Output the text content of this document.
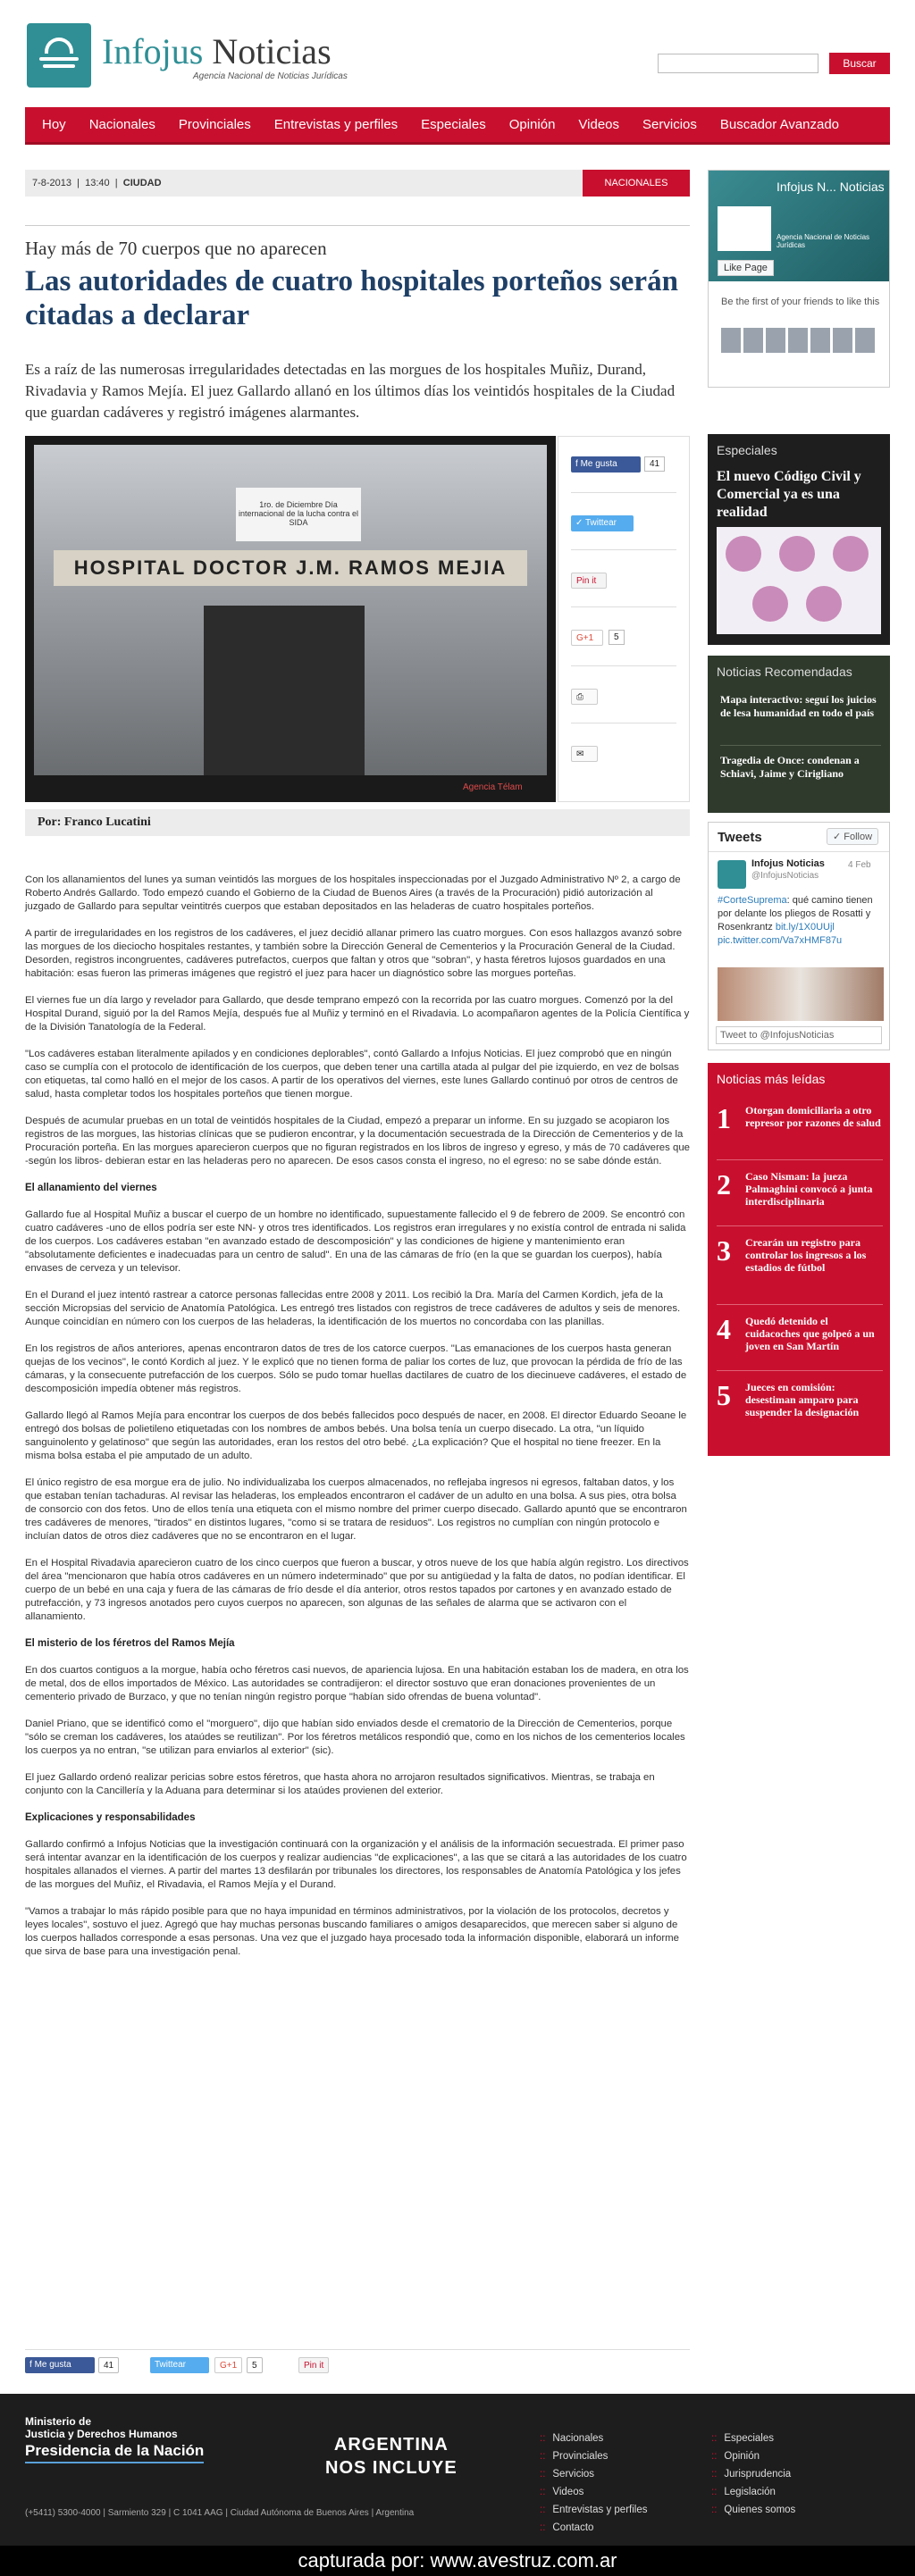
Infojus Noticias
Agencia Nacional de Noticias Jurídicas
Buscar
Hoy	Nacionales	Provinciales	Entrevistas y perfiles	Especiales	Opinión	Videos	Servicios	Buscador Avanzado
7-8-2013  |  13:40  |  CIUDAD	NACIONALES
Hay más de 70 cuerpos que no aparecen
Las autoridades de cuatro hospitales porteños serán citadas a declarar

Es a raíz de las numerosas irregularidades detectadas en las morgues de los hospitales Muñiz, Durand, Rivadavia y Ramos Mejía. El juez Gallardo allanó en los últimos días los veintidós hospitales de la Ciudad que guardan cadáveres y registró imágenes alarmantes.

1ro. de Diciembre Día internacional de la lucha contra el SIDA
HOSPITAL DOCTOR J.M. RAMOS MEJIA
Agencia Télam
f Me gusta	41
✓ Twittear
Pin it
G+1	5
⎙
✉
Por: Franco Lucatini

Con los allanamientos del lunes ya suman veintidós las morgues de los hospitales inspeccionadas por el Juzgado Administrativo Nº 2, a cargo de Roberto Andrés Gallardo. Todo empezó cuando el Gobierno de la Ciudad de Buenos Aires (a través de la Procuración) pidió autorización al juzgado de Gallardo para sepultar veintitrés cuerpos que estaban depositados en las heladeras de cuatro hospitales porteños.

A partir de irregularidades en los registros de los cadáveres, el juez decidió allanar primero las cuatro morgues. Con esos hallazgos avanzó sobre las morgues de los dieciocho hospitales restantes, y también sobre la Dirección General de Cementerios y la Procuración General de la Ciudad. Desorden, registros incongruentes, cadáveres putrefactos, cuerpos que faltan y otros que "sobran", y hasta féretros lujosos guardados en una habitación: esas fueron las primeras imágenes que registró el juez para hacer un diagnóstico sobre las morgues porteñas.

El viernes fue un día largo y revelador para Gallardo, que desde temprano empezó con la recorrida por las cuatro morgues. Comenzó por la del Hospital Durand, siguió por la del Ramos Mejía, después fue al Muñiz y terminó en el Rivadavia. Lo acompañaron agentes de la Policía Científica y de la División Tanatología de la Federal.

"Los cadáveres estaban literalmente apilados y en condiciones deplorables", contó Gallardo a Infojus Noticias. El juez comprobó que en ningún caso se cumplía con el protocolo de identificación de los cuerpos, que deben tener una cartilla atada al pulgar del pie izquierdo, en vez de bolsas con etiquetas, tal como halló en el mejor de los casos. A partir de los operativos del viernes, este lunes Gallardo continuó por otros de centros de salud, hasta completar todos los hospitales porteños que tienen morgue.

Después de acumular pruebas en un total de veintidós hospitales de la Ciudad, empezó a preparar un informe. En su juzgado se acopiaron los registros de las morgues, las historias clínicas que se pudieron encontrar, y la documentación secuestrada de la Dirección de Cementerios y de la Procuración porteña. En las morgues aparecieron cuerpos que no figuran registrados en los libros de ingreso y egreso, y más de 70 cadáveres que -según los libros- debieran estar en las heladeras pero no aparecen. De esos casos consta el ingreso, no el egreso: no se sabe dónde están.

El allanamiento del viernes

Gallardo fue al Hospital Muñiz a buscar el cuerpo de un hombre no identificado, supuestamente fallecido el 9 de febrero de 2009. Se encontró con cuatro cadáveres -uno de ellos podría ser este NN- y otros tres identificados. Los registros eran irregulares y no existía control de entrada ni salida de los cuerpos. Los cadáveres estaban "en avanzado estado de descomposición" y las condiciones de higiene y mantenimiento eran "absolutamente deficientes e inadecuadas para un centro de salud". En una de las cámaras de frío (en la que se guardan los cuerpos), había envases de cerveza y un televisor.

En el Durand el juez intentó rastrear a catorce personas fallecidas entre 2008 y 2011. Los recibió la Dra. María del Carmen Kordich, jefa de la sección Micropsias del servicio de Anatomía Patológica. Les entregó tres listados con registros de trece cadáveres de adultos y seis de menores. Aunque coincidían en número con los cuerpos de las heladeras, la identificación de los muertos no concordaba con las planillas.

En los registros de años anteriores, apenas encontraron datos de tres de los catorce cuerpos. "Las emanaciones de los cuerpos hasta generan quejas de los vecinos", le contó Kordich al juez. Y le explicó que no tienen forma de paliar los cortes de luz, que provocan la pérdida de frío de las cámaras, y la consecuente putrefacción de los cuerpos. Sólo se pudo tomar huellas dactilares de cuatro de los diecinueve cadáveres, el estado de descomposición impedía obtener más registros.

Gallardo llegó al Ramos Mejía para encontrar los cuerpos de dos bebés fallecidos poco después de nacer, en 2008. El director Eduardo Seoane le entregó dos bolsas de polietileno etiquetadas con los nombres de ambos bebés. Una bolsa tenía un cuerpo disecado. La otra, "un líquido sanguinolento y gelatinoso" que según las autoridades, eran los restos del otro bebé. ¿La explicación? Que el hospital no tiene freezer. En la misma bolsa estaba el pie amputado de un adulto.

El único registro de esa morgue era de julio. No individualizaba los cuerpos almacenados, no reflejaba ingresos ni egresos, faltaban datos, y los que estaban tenían tachaduras. Al revisar las heladeras, los empleados encontraron el cadáver de un adulto en una bolsa. A sus pies, otra bolsa de consorcio con dos fetos. Uno de ellos tenía una etiqueta con el mismo nombre del primer cuerpo disecado. Gallardo apuntó que se encontraron tres cadáveres de menores, "tirados" en distintos lugares, "como si se tratara de residuos". Los registros no cumplían con ningún protocolo e incluían datos de otros diez cadáveres que no se encontraron en el lugar.

En el Hospital Rivadavia aparecieron cuatro de los cinco cuerpos que fueron a buscar, y otros nueve de los que había algún registro. Los directivos del área "mencionaron que había otros cadáveres en un número indeterminado" que por su antigüedad y la falta de datos, no podían identificar. El cuerpo de un bebé en una caja y fuera de las cámaras de frío desde el día anterior, otros restos tapados por cartones y en avanzado estado de putrefacción, y 73 ingresos anotados pero cuyos cuerpos no aparecen, son algunas de las señales de alarma que se activaron con el allanamiento.

El misterio de los féretros del Ramos Mejía

En dos cuartos contiguos a la morgue, había ocho féretros casi nuevos, de apariencia lujosa. En una habitación estaban los de madera, en otra los de metal, dos de ellos importados de México. Las autoridades se contradijeron: el director sostuvo que eran donaciones provenientes de un cementerio privado de Burzaco, y que no tenían ningún registro porque "habían sido ofrendas de buena voluntad".

Daniel Priano, que se identificó como el "morguero", dijo que habían sido enviados desde el crematorio de la Dirección de Cementerios, porque "sólo se creman los cadáveres, los ataúdes se reutilizan". Por los féretros metálicos respondió que, como en los nichos de los cementerios locales los cuerpos ya no entran, "se utilizan para enviarlos al exterior" (sic).

El juez Gallardo ordenó realizar pericias sobre estos féretros, que hasta ahora no arrojaron resultados significativos. Mientras, se trabaja en conjunto con la Cancillería y la Aduana para determinar si los ataúdes provienen del exterior.

Explicaciones y responsabilidades

Gallardo confirmó a Infojus Noticias que la investigación continuará con la organización y el análisis de la información secuestrada. El primer paso será intentar avanzar en la identificación de los cuerpos y realizar audiencias "de explicaciones", a las que se citará a las autoridades de los cuatro hospitales allanados el viernes. A partir del martes 13 desfilarán por tribunales los directores, los responsables de Anatomía Patológica y los jefes de las morgues del Muñiz, el Rivadavia, el Ramos Mejía y el Durand.

"Vamos a trabajar lo más rápido posible para que no haya impunidad en términos administrativos, por la violación de los protocolos, decretos y leyes locales", sostuvo el juez. Agregó que hay muchas personas buscando familiares o amigos desaparecidos, que merecen saber si alguno de los cuerpos hallados corresponde a esas personas. Una vez que el juzgado haya procesado toda la información disponible, elaborará un informe que sirva de base para una investigación penal.

f Me gusta	41	Twittear	G+1	5	Pin it
Infojus N... Noticias
Agencia Nacional de Noticias Jurídicas
Like Page
Be the first of your friends to like this
Especiales
El nuevo Código Civil y Comercial ya es una realidad
Noticias Recomendadas
Mapa interactivo: seguí los juicios de lesa humanidad en todo el país
Tragedia de Once: condenan a Schiavi, Jaime y Cirigliano
Tweets	✓ Follow
Infojus Noticias
@InfojusNoticias
4 Feb
#CorteSuprema: qué camino tienen por delante los pliegos de Rosatti y Rosenkrantz bit.ly/1X0UUjl pic.twitter.com/Va7xHMF87u
Tweet to @InfojusNoticias
Noticias más leídas
1 Otorgan domiciliaria a otro represor por razones de salud
2 Caso Nisman: la jueza Palmaghini convocó a junta interdisciplinaria
3 Crearán un registro para controlar los ingresos a los estadios de fútbol
4 Quedó detenido el cuidacoches que golpeó a un joven en San Martín
5 Jueces en comisión: desestiman amparo para suspender la designación
Ministerio de
Justicia y Derechos Humanos
Presidencia de la Nación	ARGENTINA
NOS INCLUYE
(+5411) 5300-4000 | Sarmiento 329 | C 1041 AAG | Ciudad Autónoma de Buenos Aires | Argentina
:: Nacionales
:: Provinciales
:: Servicios
:: Videos
:: Entrevistas y perfiles
:: Contacto
:: Especiales
:: Opinión
:: Jurisprudencia
:: Legislación
:: Quienes somos
capturada por: www.avestruz.com.ar
